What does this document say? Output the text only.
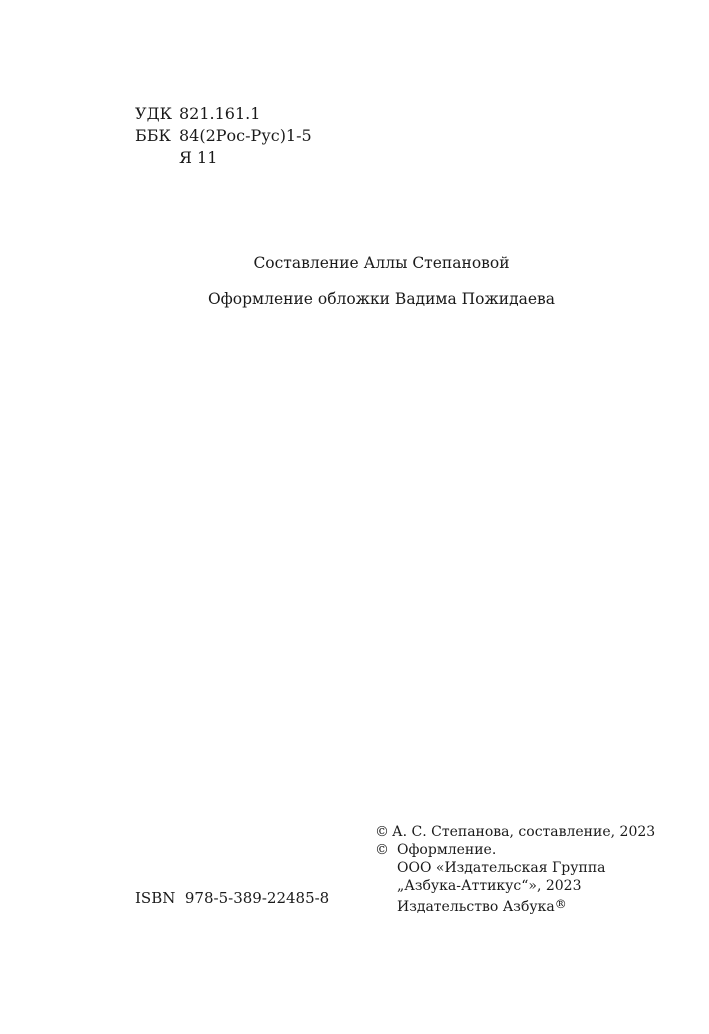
УДК 821.161.1
ББК 84(2Рос-Рус)1-5
Я 11
Составление Аллы Степановой
Оформление обложки Вадима Пожидаева
ISBN  978-5-389-22485-8
© А. С. Степанова, составление, 2023
© Оформление.
ООО «Издательская Группа
„Азбука-Аттикус“», 2023
Издательство Азбука®
